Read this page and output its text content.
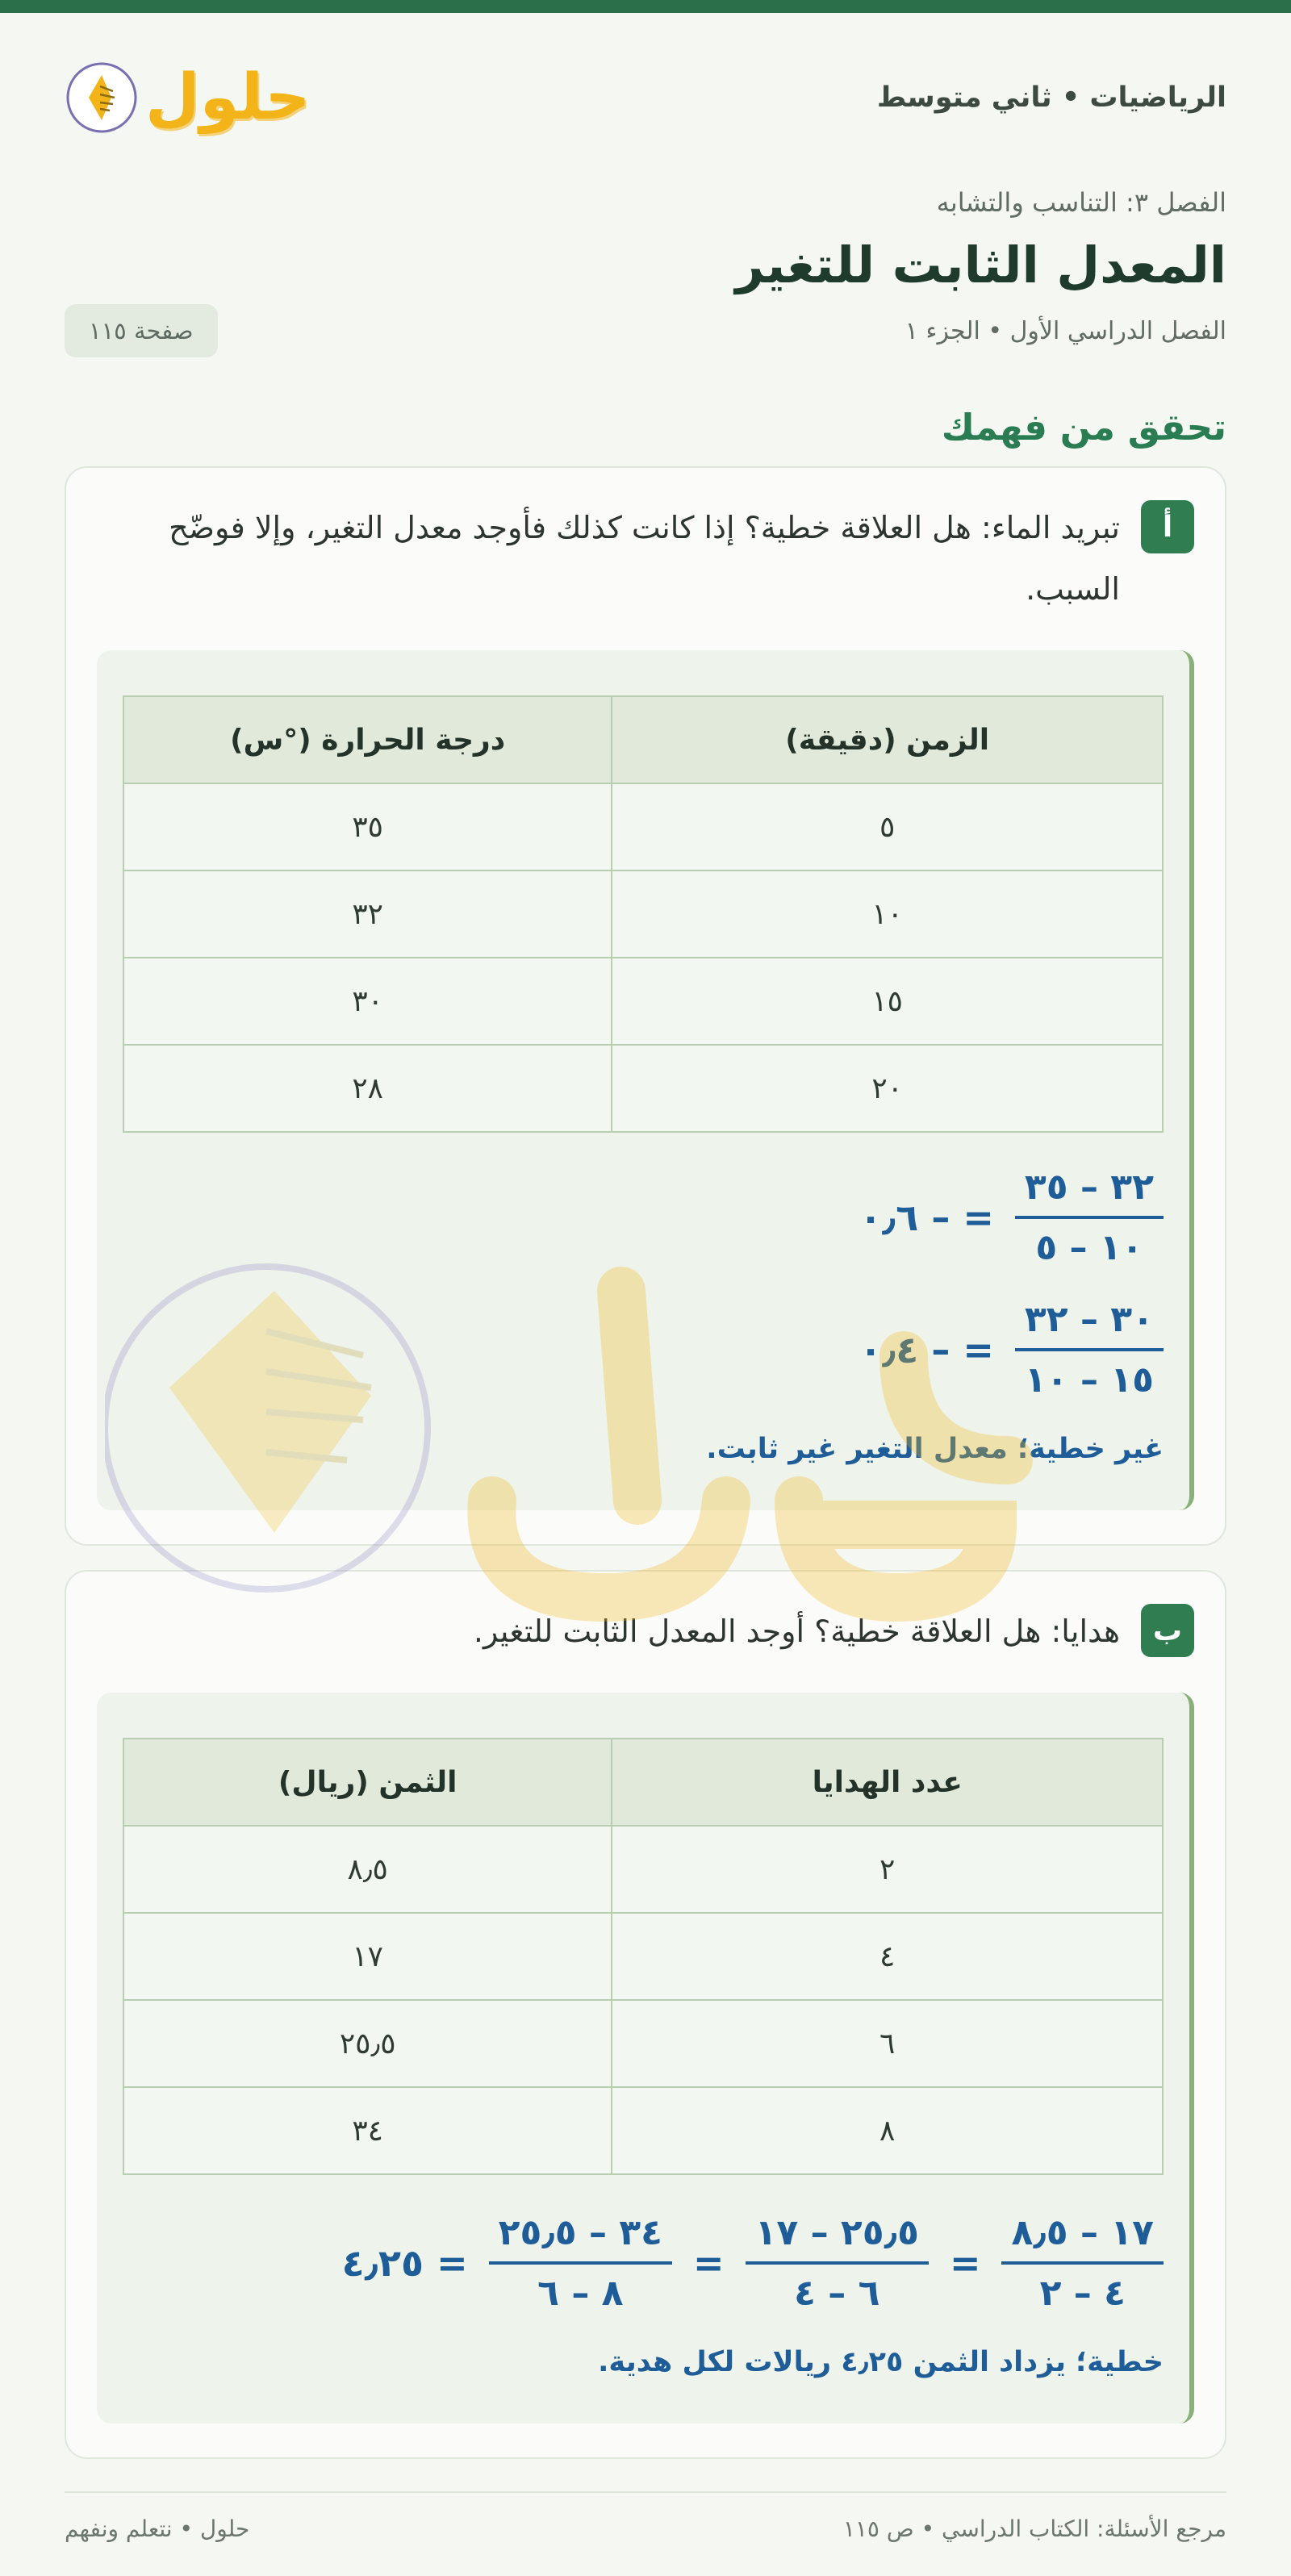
الرياضيات • ثاني متوسط
حلول
الفصل ٣: التناسب والتشابه
المعدل الثابت للتغير
الفصل الدراسي الأول • الجزء ١
صفحة ١١٥
تحقق من فهمك
أ
تبريد الماء: هل العلاقة خطية؟ إذا كانت كذلك فأوجد معدل التغير، وإلا فوضّح السبب.
الزمن (دقيقة)	درجة الحرارة (°س)
٥	٣٥
١٠	٣٢
١٥	٣٠
٢٠	٢٨
$\frac{٣٢ - ٣٥}{١٠ - ٥}$
= – ٠٫٦
$\frac{٣٠ - ٣٢}{١٥ - ١٠}$
= – ٠٫٤
غير خطية؛ معدل التغير غير ثابت.
ب
هدايا: هل العلاقة خطية؟ أوجد المعدل الثابت للتغير.
عدد الهدايا	الثمن (ريال)
٢	٨٫٥
٤	١٧
٦	٢٥٫٥
٨	٣٤
$\frac{١٧ - ٨٫٥}{٤ - ٢}$
=
$\frac{٢٥٫٥ - ١٧}{٦ - ٤}$
=
$\frac{٣٤ - ٢٥٫٥}{٨ - ٦}$
= ٤٫٢٥
خطية؛ يزداد الثمن ٤٫٢٥ ريالات لكل هدية.
مرجع الأسئلة: الكتاب الدراسي • ص ١١٥
حلول • نتعلم ونفهم
